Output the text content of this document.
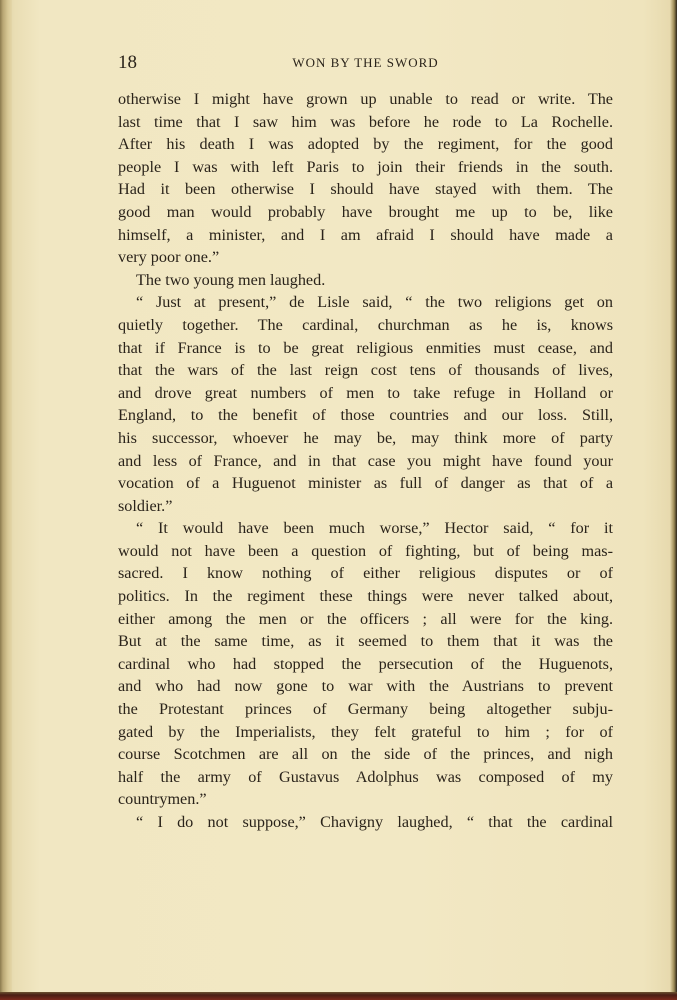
18	WON BY THE SWORD
otherwise I might have grown up unable to read or write. The
last time that I saw him was before he rode to La Rochelle.
After his death I was adopted by the regiment, for the good
people I was with left Paris to join their friends in the south.
Had it been otherwise I should have stayed with them. The
good man would probably have brought me up to be, like
himself, a minister, and I am afraid I should have made a
very poor one.”
The two young men laughed.
“ Just at present,” de Lisle said, “ the two religions get on
quietly together. The cardinal, churchman as he is, knows
that if France is to be great religious enmities must cease, and
that the wars of the last reign cost tens of thousands of lives,
and drove great numbers of men to take refuge in Holland or
England, to the benefit of those countries and our loss. Still,
his successor, whoever he may be, may think more of party
and less of France, and in that case you might have found your
vocation of a Huguenot minister as full of danger as that of a
soldier.”
“ It would have been much worse,” Hector said, “ for it
would not have been a question of fighting, but of being mas-
sacred. I know nothing of either religious disputes or of
politics. In the regiment these things were never talked about,
either among the men or the officers ; all were for the king.
But at the same time, as it seemed to them that it was the
cardinal who had stopped the persecution of the Huguenots,
and who had now gone to war with the Austrians to prevent
the Protestant princes of Germany being altogether subju-
gated by the Imperialists, they felt grateful to him ; for of
course Scotchmen are all on the side of the princes, and nigh
half the army of Gustavus Adolphus was composed of my
countrymen.”
“ I do not suppose,” Chavigny laughed, “ that the cardinal
